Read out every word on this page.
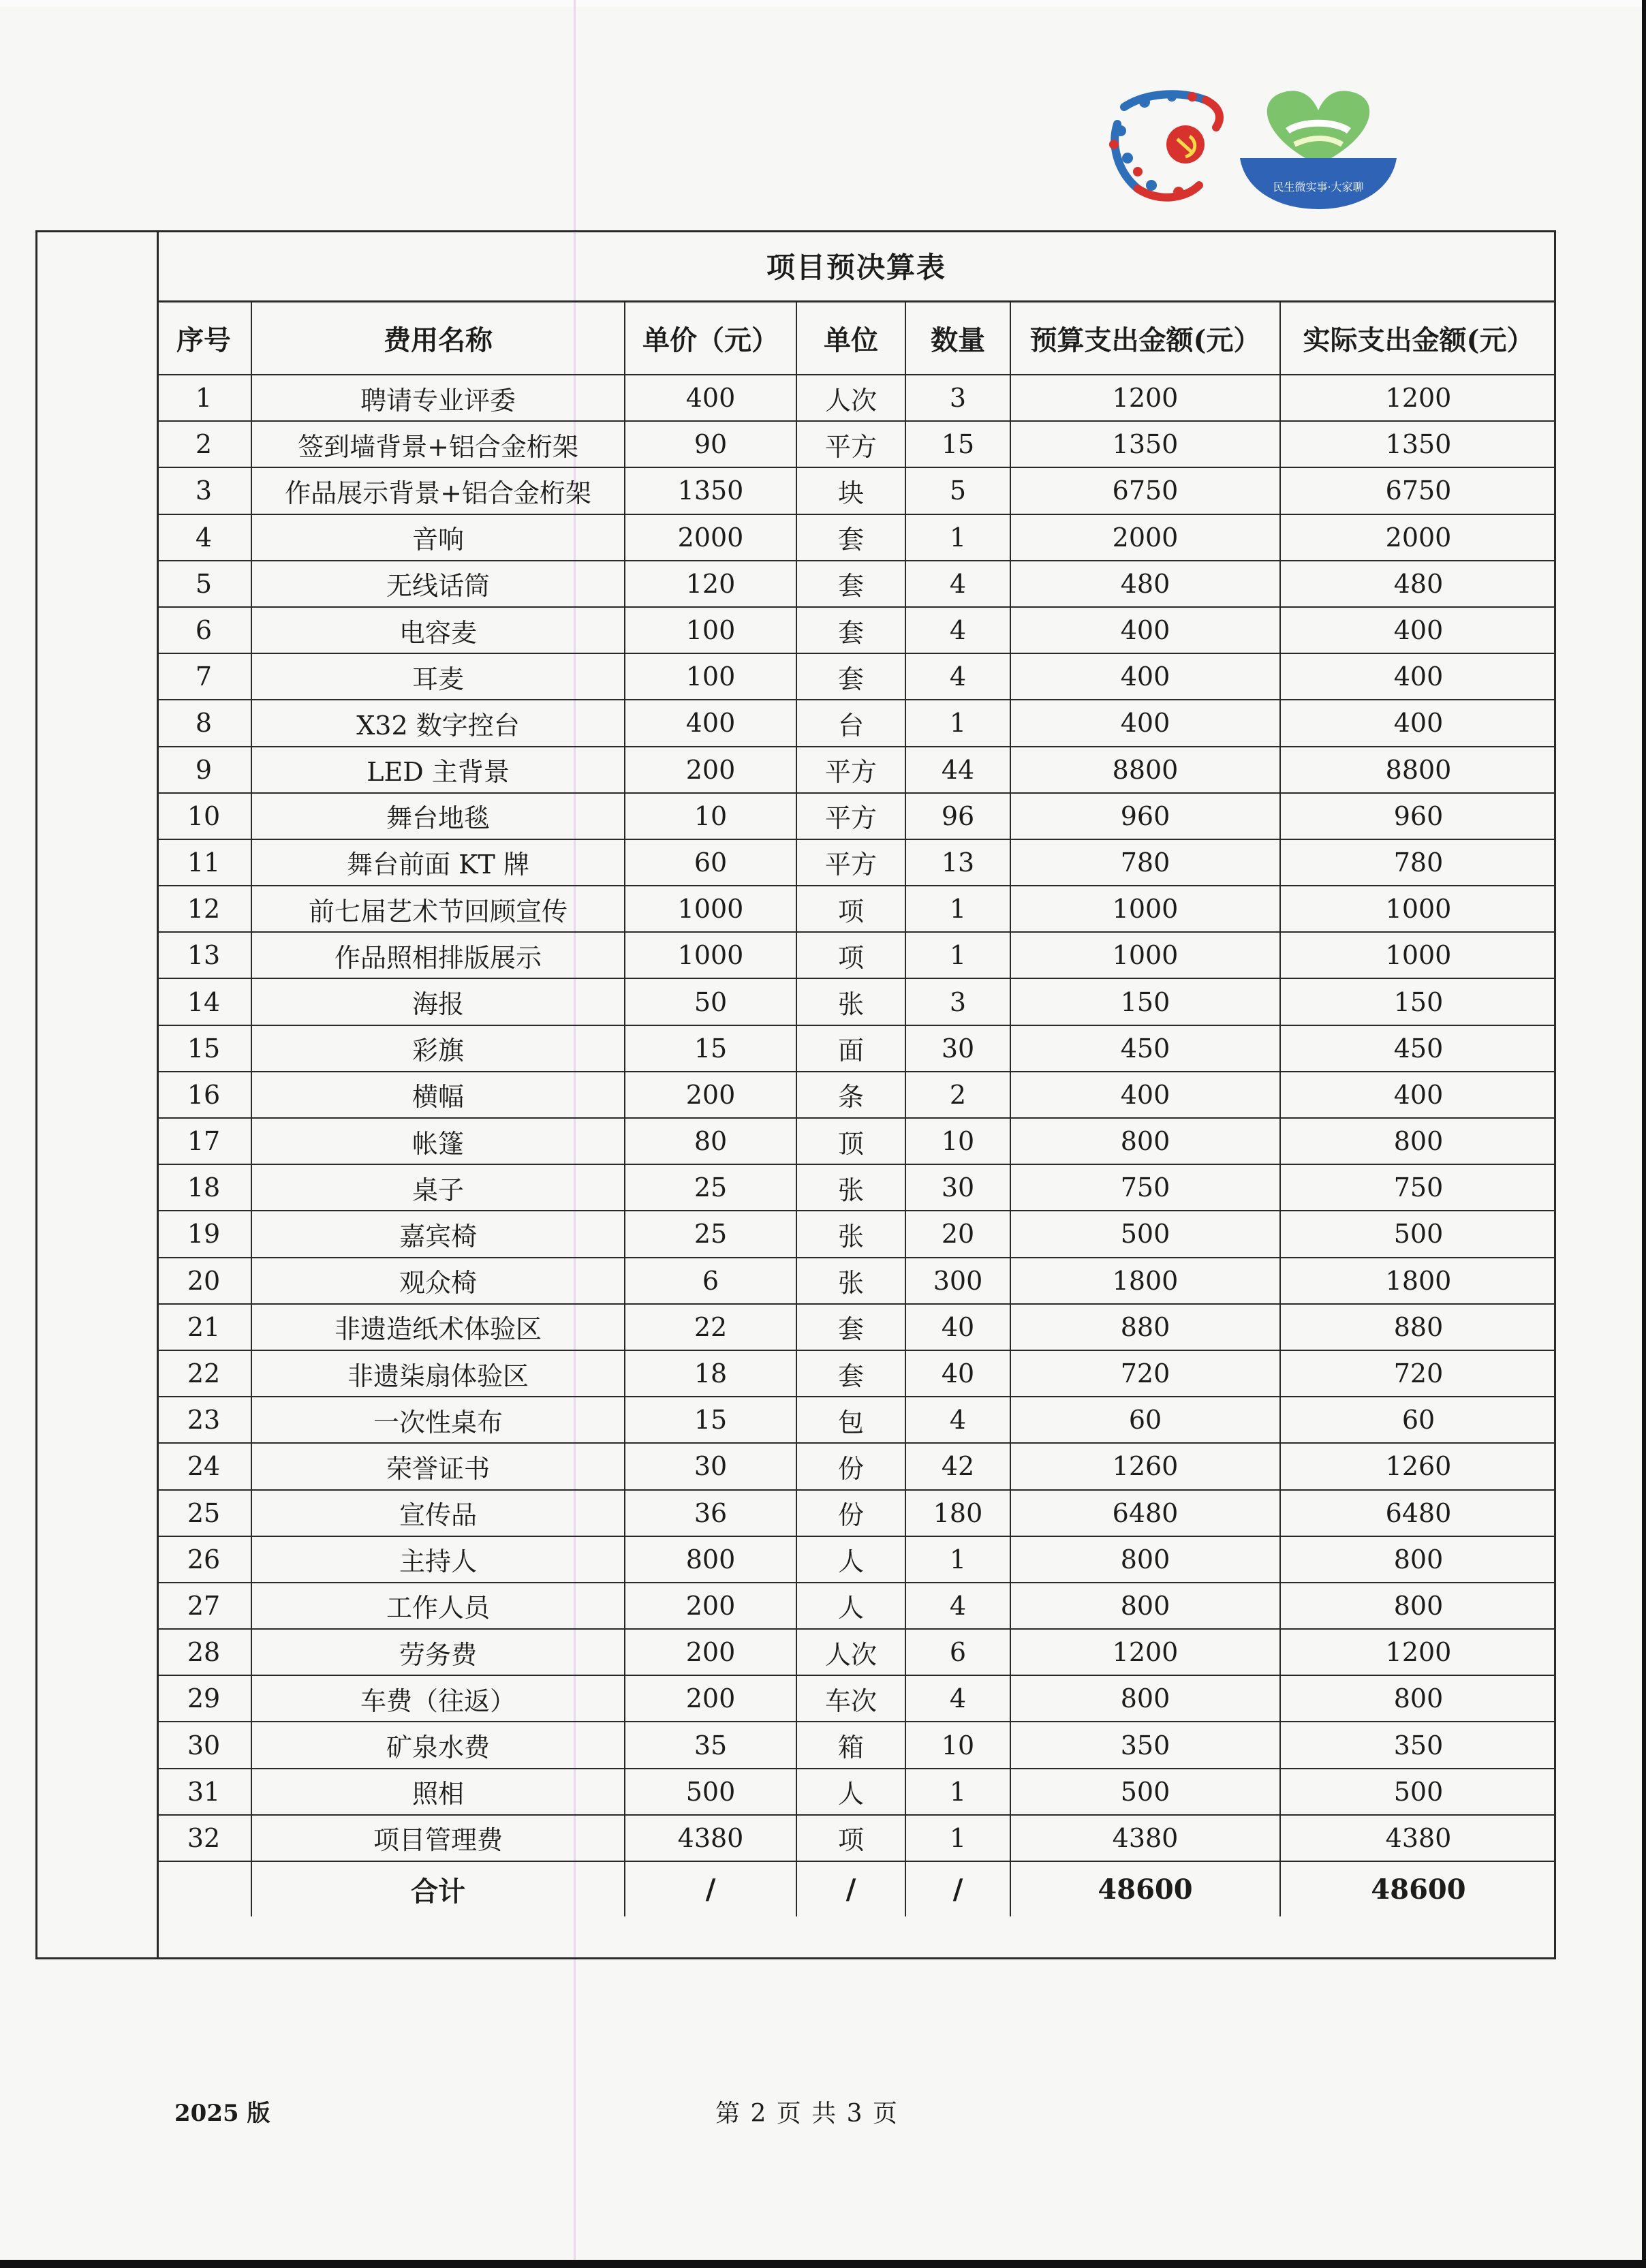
民生微实事·大家聊
项目预决算表
序号	费用名称	单价（元）	单位	数量	预算支出金额(元）	实际支出金额(元）
1	聘请专业评委	400	人次	3	1200	1200
2	签到墙背景+铝合金桁架	90	平方	15	1350	1350
3	作品展示背景+铝合金桁架	1350	块	5	6750	6750
4	音响	2000	套	1	2000	2000
5	无线话筒	120	套	4	480	480
6	电容麦	100	套	4	400	400
7	耳麦	100	套	4	400	400
8	X32 数字控台	400	台	1	400	400
9	LED 主背景	200	平方	44	8800	8800
10	舞台地毯	10	平方	96	960	960
11	舞台前面 KT 牌	60	平方	13	780	780
12	前七届艺术节回顾宣传	1000	项	1	1000	1000
13	作品照相排版展示	1000	项	1	1000	1000
14	海报	50	张	3	150	150
15	彩旗	15	面	30	450	450
16	横幅	200	条	2	400	400
17	帐篷	80	顶	10	800	800
18	桌子	25	张	30	750	750
19	嘉宾椅	25	张	20	500	500
20	观众椅	6	张	300	1800	1800
21	非遗造纸术体验区	22	套	40	880	880
22	非遗柒扇体验区	18	套	40	720	720
23	一次性桌布	15	包	4	60	60
24	荣誉证书	30	份	42	1260	1260
25	宣传品	36	份	180	6480	6480
26	主持人	800	人	1	800	800
27	工作人员	200	人	4	800	800
28	劳务费	200	人次	6	1200	1200
29	车费（往返）	200	车次	4	800	800
30	矿泉水费	35	箱	10	350	350
31	照相	500	人	1	500	500
32	项目管理费	4380	项	1	4380	4380
	合计	/	/	/	48600	48600
2025 版	第 2 页 共 3 页
